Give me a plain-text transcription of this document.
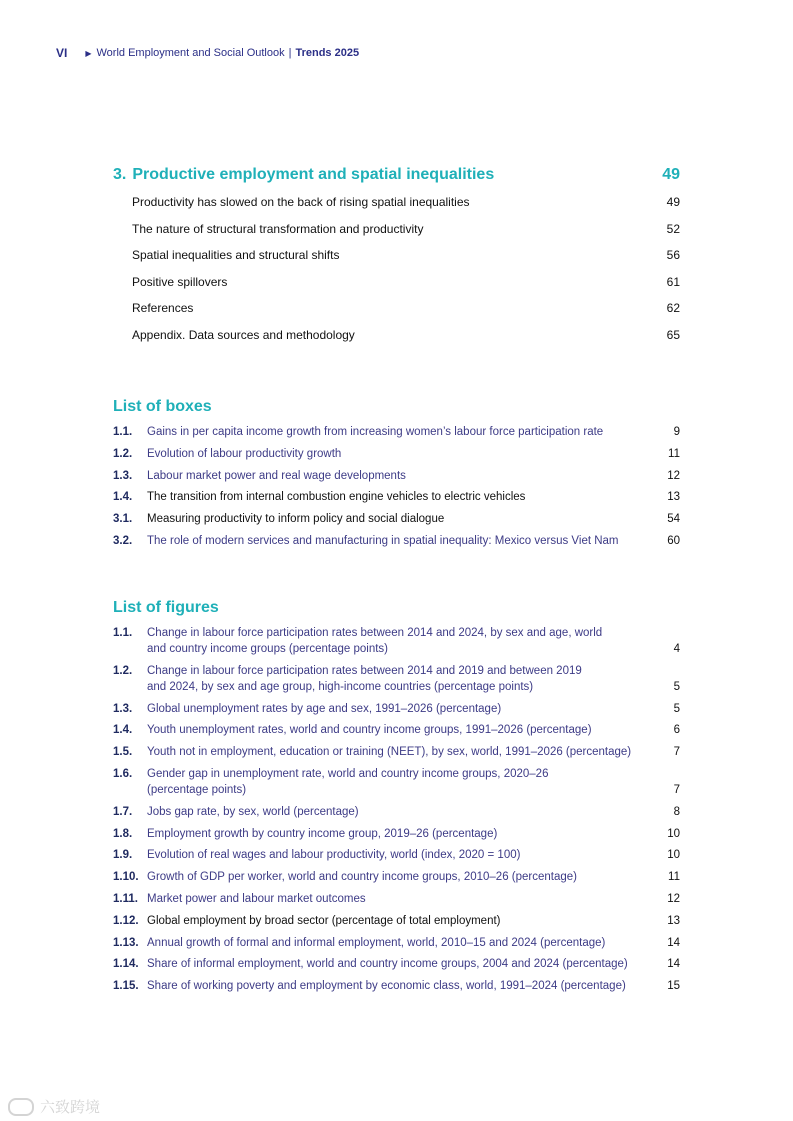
VI ▶ World Employment and Social Outlook | Trends 2025
3. Productive employment and spatial inequalities	49
Productivity has slowed on the back of rising spatial inequalities	49
The nature of structural transformation and productivity	52
Spatial inequalities and structural shifts	56
Positive spillovers	61
References	62
Appendix. Data sources and methodology	65
List of boxes
1.1.	Gains in per capita income growth from increasing women’s labour force participation rate	9
1.2.	Evolution of labour productivity growth	11
1.3.	Labour market power and real wage developments	12
1.4.	The transition from internal combustion engine vehicles to electric vehicles	13
3.1.	Measuring productivity to inform policy and social dialogue	54
3.2.	The role of modern services and manufacturing in spatial inequality: Mexico versus Viet Nam	60
List of figures
1.1.	Change in labour force participation rates between 2014 and 2024, by sex and age, world
and country income groups (percentage points)	4
1.2.	Change in labour force participation rates between 2014 and 2019 and between 2019
and 2024, by sex and age group, high-income countries (percentage points)	5
1.3.	Global unemployment rates by age and sex, 1991–2026 (percentage)	5
1.4.	Youth unemployment rates, world and country income groups, 1991–2026 (percentage)	6
1.5.	Youth not in employment, education or training (NEET), by sex, world, 1991–2026 (percentage)	7
1.6.	Gender gap in unemployment rate, world and country income groups, 2020–26
(percentage points)	7
1.7.	Jobs gap rate, by sex, world (percentage)	8
1.8.	Employment growth by country income group, 2019–26 (percentage)	10
1.9.	Evolution of real wages and labour productivity, world (index, 2020 = 100)	10
1.10. Growth of GDP per worker, world and country income groups, 2010–26 (percentage)	11
1.11. Market power and labour market outcomes	12
1.12. Global employment by broad sector (percentage of total employment)	13
1.13. Annual growth of formal and informal employment, world, 2010–15 and 2024 (percentage)	14
1.14. Share of informal employment, world and country income groups, 2004 and 2024 (percentage)	14
1.15. Share of working poverty and employment by economic class, world, 1991–2024 (percentage)	15
六致跨境
